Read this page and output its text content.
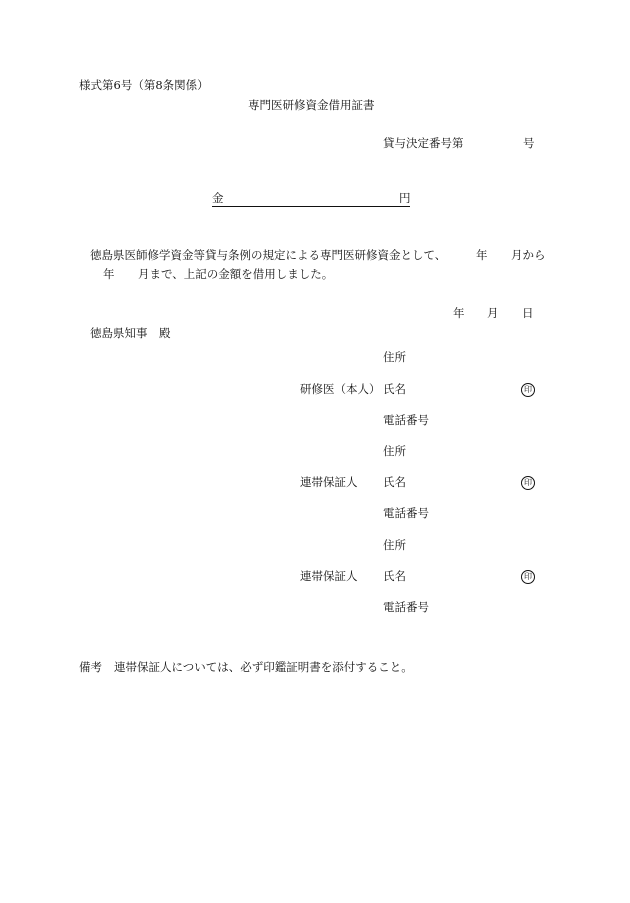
様式第6号（第8条関係）
専門医研修資金借用証書
貸与決定番号第	号
金	円
徳島県医師修学資金等貸与条例の規定による専門医研修資金として、	年 月から
年 月まで、上記の金額を借用しました。
年 月 日
徳島県知事　殿
住所
研修医（本人） 氏名	印
電話番号
住所
連帯保証人 氏名	印
電話番号
住所
連帯保証人 氏名	印
電話番号
備考 連帯保証人については、必ず印鑑証明書を添付すること。
